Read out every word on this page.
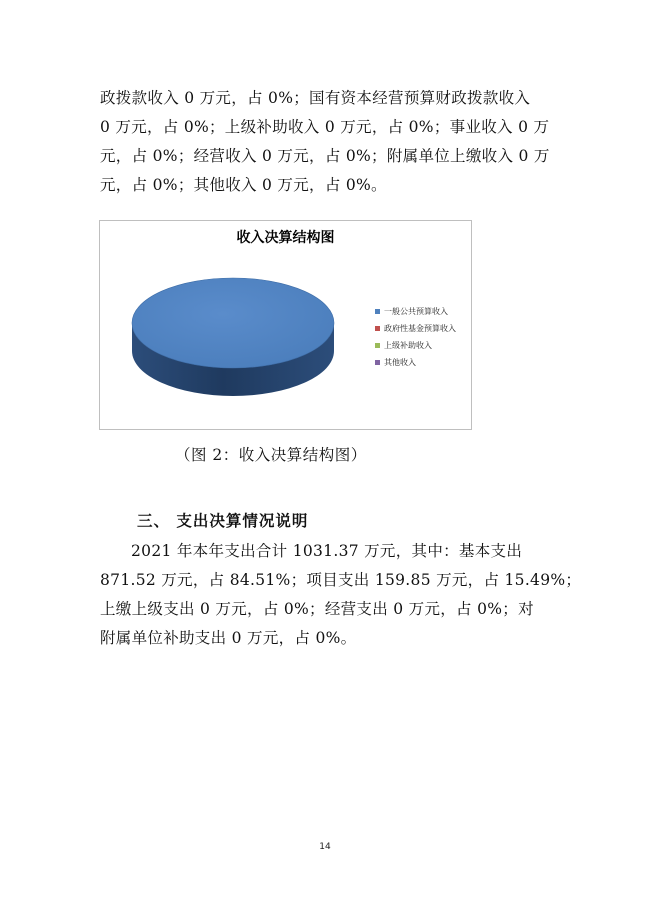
政拨款收入 0 万元，占 0%；国有资本经营预算财政拨款收入
0 万元，占 0%；上级补助收入 0 万元，占 0%；事业收入 0 万
元，占 0%；经营收入 0 万元，占 0%；附属单位上缴收入 0 万
元，占 0%；其他收入 0 万元，占 0%。
收入决算结构图
一般公共预算收入
政府性基金预算收入
上级补助收入
其他收入
（图 2：收入决算结构图）
三、 支出决算情况说明
2021 年本年支出合计 1031.37 万元，其中：基本支出
871.52 万元，占 84.51%；项目支出 159.85 万元，占 15.49%；
上缴上级支出 0 万元，占 0%；经营支出 0 万元，占 0%；对
附属单位补助支出 0 万元，占 0%。
14
